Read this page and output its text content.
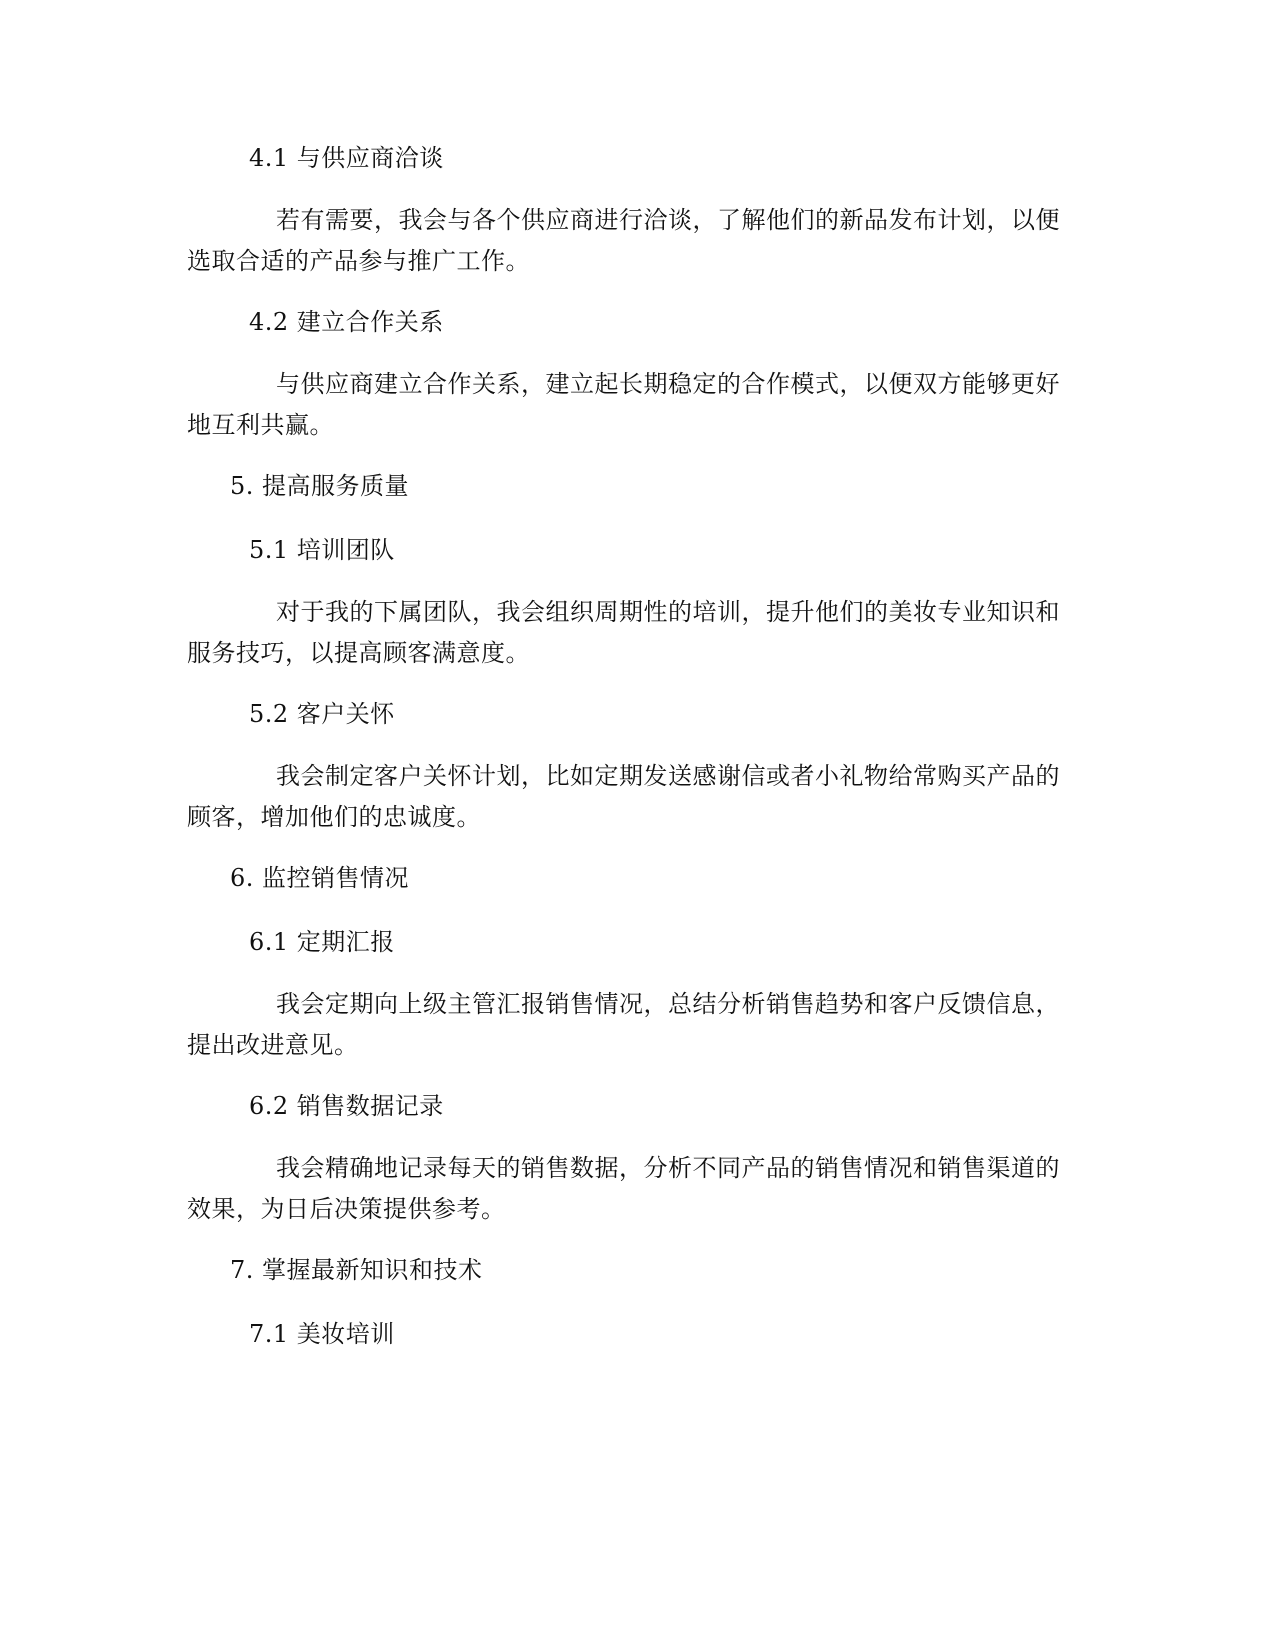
4.1 与供应商洽谈
若有需要，我会与各个供应商进行洽谈，了解他们的新品发布计划，以便
选取合适的产品参与推广工作。
4.2 建立合作关系
与供应商建立合作关系，建立起长期稳定的合作模式，以便双方能够更好
地互利共赢。
5. 提高服务质量
5.1 培训团队
对于我的下属团队，我会组织周期性的培训，提升他们的美妆专业知识和
服务技巧，以提高顾客满意度。
5.2 客户关怀
我会制定客户关怀计划，比如定期发送感谢信或者小礼物给常购买产品的
顾客，增加他们的忠诚度。
6. 监控销售情况
6.1 定期汇报
我会定期向上级主管汇报销售情况，总结分析销售趋势和客户反馈信息，
提出改进意见。
6.2 销售数据记录
我会精确地记录每天的销售数据，分析不同产品的销售情况和销售渠道的
效果，为日后决策提供参考。
7. 掌握最新知识和技术
7.1 美妆培训
